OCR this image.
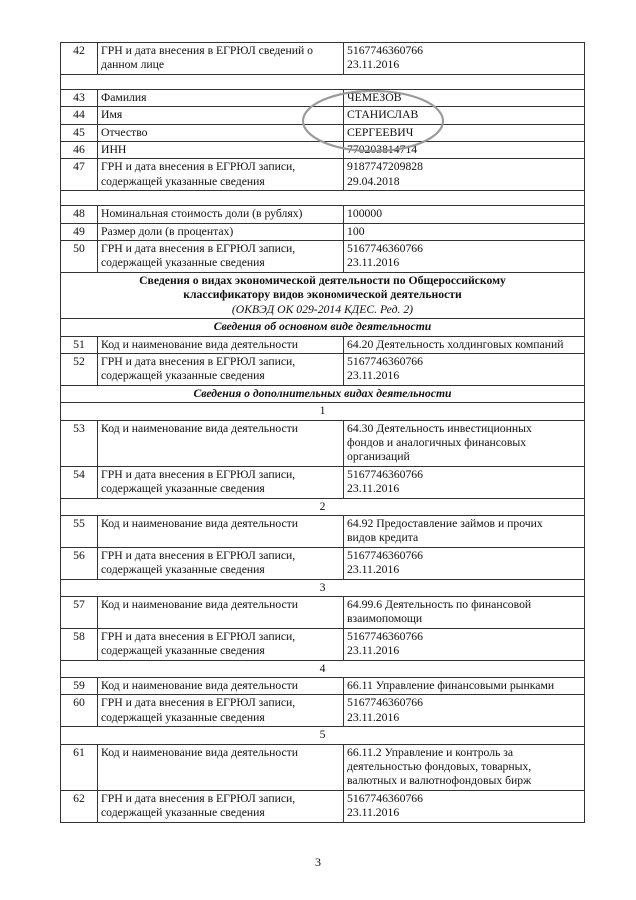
42	ГРН и дата внесения в ЕГРЮЛ сведений о
данном лице	5167746360766
23.11.2016

43	Фамилия	ЧЕМЕЗОВ
44	Имя	СТАНИСЛАВ
45	Отчество	СЕРГЕЕВИЧ
46	ИНН	770203814714
47	ГРН и дата внесения в ЕГРЮЛ записи,
содержащей указанные сведения	9187747209828
29.04.2018

48	Номинальная стоимость доли (в рублях)	100000
49	Размер доли (в процентах)	100
50	ГРН и дата внесения в ЕГРЮЛ записи,
содержащей указанные сведения	5167746360766
23.11.2016

Сведения о видах экономической деятельности по Общероссийскому
классификатору видов экономической деятельности
(ОКВЭД ОК 029-2014 КДЕС. Ред. 2)		

Сведения об основном виде деятельности		
51	Код и наименование вида деятельности	64.20 Деятельность холдинговых компаний
52	ГРН и дата внесения в ЕГРЮЛ записи,
содержащей указанные сведения	5167746360766
23.11.2016

Сведения о дополнительных видах деятельности		
1		
53	Код и наименование вида деятельности	64.30 Деятельность инвестиционных
фондов и аналогичных финансовых
организаций

54	ГРН и дата внесения в ЕГРЮЛ записи,
содержащей указанные сведения	5167746360766
23.11.2016

2		
55	Код и наименование вида деятельности	64.92 Предоставление займов и прочих
видов кредита

56	ГРН и дата внесения в ЕГРЮЛ записи,
содержащей указанные сведения	5167746360766
23.11.2016

3		
57	Код и наименование вида деятельности	64.99.6 Деятельность по финансовой
взаимопомощи

58	ГРН и дата внесения в ЕГРЮЛ записи,
содержащей указанные сведения	5167746360766
23.11.2016

4		
59	Код и наименование вида деятельности	66.11 Управление финансовыми рынками
60	ГРН и дата внесения в ЕГРЮЛ записи,
содержащей указанные сведения	5167746360766
23.11.2016

5		
61	Код и наименование вида деятельности	66.11.2 Управление и контроль за
деятельностью фондовых, товарных,
валютных и валютнофондовых бирж

62	ГРН и дата внесения в ЕГРЮЛ записи,
содержащей указанные сведения	5167746360766
23.11.2016
3
